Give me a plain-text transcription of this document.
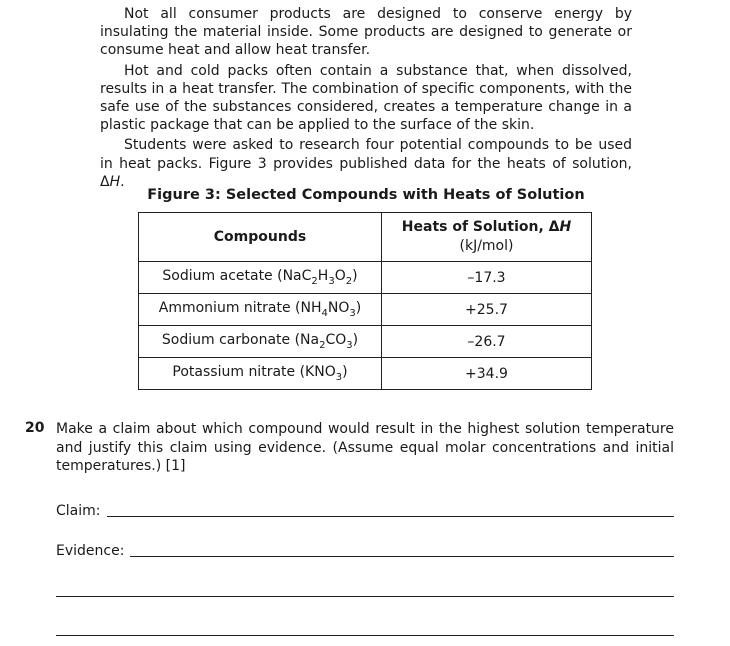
Not all consumer products are designed to conserve energy by insulating the material inside. Some products are designed to generate or consume heat and allow heat transfer.

Hot and cold packs often contain a substance that, when dissolved, results in a heat transfer. The combination of specific components, with the safe use of the substances considered, creates a temperature change in a plastic package that can be applied to the surface of the skin.

Students were asked to research four potential compounds to be used in heat packs. Figure 3 provides published data for the heats of solution, ΔH.

Figure 3: Selected Compounds with Heats of Solution
Compounds	Heats of Solution, ΔH
(kJ/mol)
Sodium acetate $(NaC_2H_3O_2)$	–17.3
Ammonium nitrate $(NH_4NO_3)$	+25.7
Sodium carbonate $(Na_2CO_3)$	–26.7
Potassium nitrate $(KNO_3)$	+34.9
20 Make a claim about which compound would result in the highest solution temperature and justify this claim using evidence. (Assume equal molar concentrations and initial temperatures.) [1]
Claim:
Evidence:
